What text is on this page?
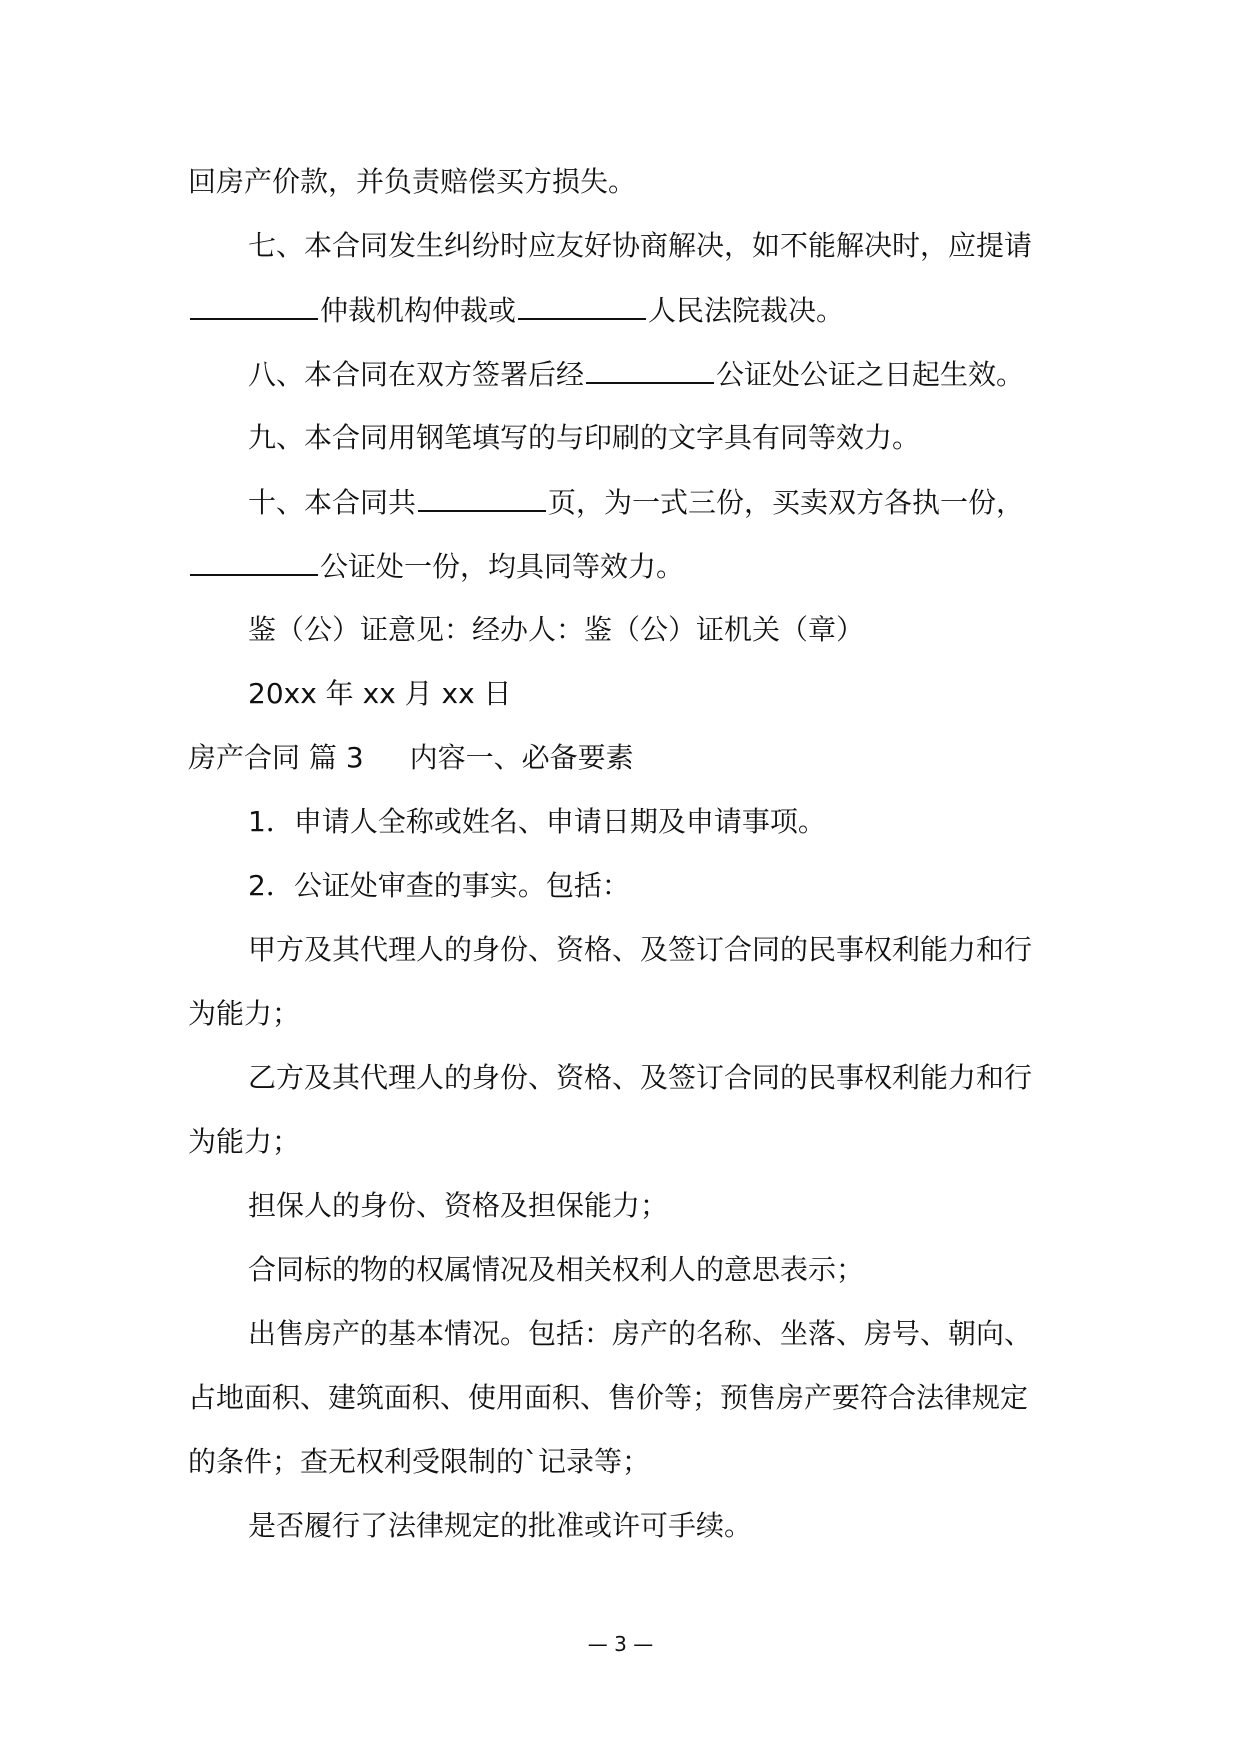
回房产价款，并负责赔偿买方损失。
七、本合同发生纠纷时应友好协商解决，如不能解决时，应提请
仲裁机构仲裁或	人民法院裁决。
八、本合同在双方签署后经	公证处公证之日起生效。
九、本合同用钢笔填写的与印刷的文字具有同等效力。
十、本合同共	页，为一式三份，买卖双方各执一份，
公证处一份，均具同等效力。
鉴（公）证意见：经办人：鉴（公）证机关（章）
20xx 年 xx 月 xx 日
房产合同 篇 3 内容一、必备要素
1．申请人全称或姓名、申请日期及申请事项。
2．公证处审查的事实。包括：
甲方及其代理人的身份、资格、及签订合同的民事权利能力和行
为能力；
乙方及其代理人的身份、资格、及签订合同的民事权利能力和行
为能力；
担保人的身份、资格及担保能力；
合同标的物的权属情况及相关权利人的意思表示；
出售房产的基本情况。包括：房产的名称、坐落、房号、朝向、
占地面积、建筑面积、使用面积、售价等；预售房产要符合法律规定
的条件；查无权利受限制的`记录等；
是否履行了法律规定的批准或许可手续。
— 3 —
